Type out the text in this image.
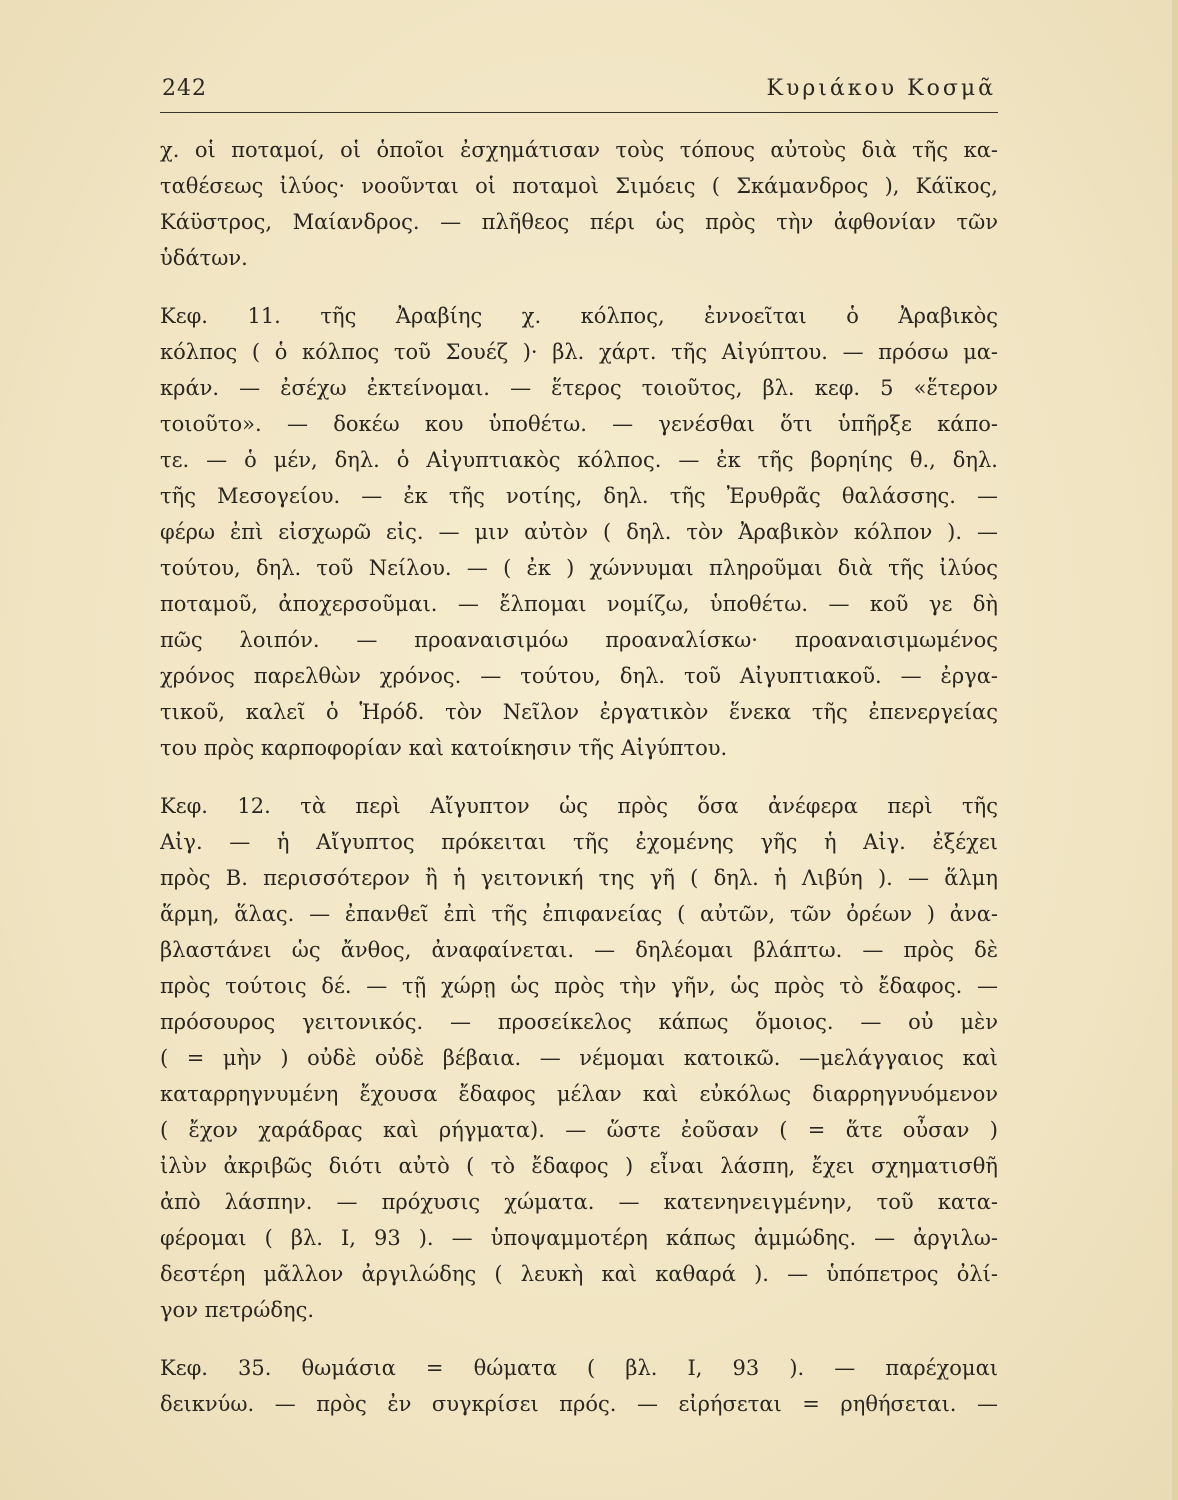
242	Κυριάκου Κοσμᾶ
χ. οἱ ποταμοί, οἱ ὁποῖοι ἐσχημάτισαν τοὺς τόπους αὐτοὺς διὰ τῆς κα-
ταθέσεως ἰλύος· νοοῦνται οἱ ποταμοὶ Σιμόεις ( Σκάμανδρος ), Κάϊκος,
Κάϋστρος, Μαίανδρος. — πλῆθεος πέρι ὡς πρὸς τὴν ἀφθονίαν τῶν
ὑδάτων.
Κεφ. 11. τῆς Ἀραβίης χ. κόλπος, ἐννοεῖται ὁ Ἀραβικὸς
κόλπος ( ὁ κόλπος τοῦ Σουέζ )· βλ. χάρτ. τῆς Αἰγύπτου. — πρόσω μα-
κράν. — ἐσέχω ἐκτείνομαι. — ἕτερος τοιοῦτος, βλ. κεφ. 5 «ἕτερον
τοιοῦτο». — δοκέω κου ὑποθέτω. — γενέσθαι ὅτι ὑπῆρξε κάπο-
τε. — ὁ μέν, δηλ. ὁ Αἰγυπτιακὸς κόλπος. — ἐκ τῆς βορηίης θ., δηλ.
τῆς Μεσογείου. — ἐκ τῆς νοτίης, δηλ. τῆς Ἐρυθρᾶς θαλάσσης. —
φέρω ἐπὶ εἰσχωρῶ εἰς. — μιν αὐτὸν ( δηλ. τὸν Ἀραβικὸν κόλπον ). —
τούτου, δηλ. τοῦ Νείλου. — ( ἐκ ) χώννυμαι πληροῦμαι διὰ τῆς ἰλύος
ποταμοῦ, ἀποχερσοῦμαι. — ἔλπομαι νομίζω, ὑποθέτω. — κοῦ γε δὴ
πῶς λοιπόν. — προαναισιμόω προαναλίσκω· προαναισιμωμένος
χρόνος παρελθὼν χρόνος. — τούτου, δηλ. τοῦ Αἰγυπτιακοῦ. — ἐργα-
τικοῦ, καλεῖ ὁ Ἡρόδ. τὸν Νεῖλον ἐργατικὸν ἕνεκα τῆς ἐπενεργείας
του πρὸς καρποφορίαν καὶ κατοίκησιν τῆς Αἰγύπτου.
Κεφ. 12. τὰ περὶ Αἴγυπτον ὡς πρὸς ὅσα ἀνέφερα περὶ τῆς
Αἰγ. — ἡ Αἴγυπτος πρόκειται τῆς ἐχομένης γῆς ἡ Αἰγ. ἐξέχει
πρὸς Β. περισσότερον ἢ ἡ γειτονική της γῆ ( δηλ. ἡ Λιβύη ). — ἅλμη
ἅρμη, ἅλας. — ἐπανθεῖ ἐπὶ τῆς ἐπιφανείας ( αὐτῶν, τῶν ὀρέων ) ἀνα-
βλαστάνει ὡς ἄνθος, ἀναφαίνεται. — δηλέομαι βλάπτω. — πρὸς δὲ
πρὸς τούτοις δέ. — τῇ χώρῃ ὡς πρὸς τὴν γῆν, ὡς πρὸς τὸ ἔδαφος. —
πρόσουρος γειτονικός. — προσείκελος κάπως ὅμοιος. — οὐ μὲν
( = μὴν ) οὐδὲ οὐδὲ βέβαια. — νέμομαι κατοικῶ. —μελάγγαιος καὶ
καταρρηγνυμένη ἔχουσα ἔδαφος μέλαν καὶ εὐκόλως διαρρηγνυόμενον
( ἔχον χαράδρας καὶ ρήγματα). — ὥστε ἐοῦσαν ( = ἅτε οὖσαν )
ἰλὺν ἀκριβῶς διότι αὐτὸ ( τὸ ἔδαφος ) εἶναι λάσπη, ἔχει σχηματισθῆ
ἀπὸ λάσπην. — πρόχυσις χώματα. — κατενηνειγμένην, τοῦ κατα-
φέρομαι ( βλ. I, 93 ). — ὑποψαμμοτέρη κάπως ἀμμώδης. — ἀργιλω-
δεστέρη μᾶλλον ἀργιλώδης ( λευκὴ καὶ καθαρά ). — ὑπόπετρος ὀλί-
γον πετρώδης.
Κεφ. 35. θωμάσια = θώματα ( βλ. I, 93 ). — παρέχομαι
δεικνύω. — πρὸς ἐν συγκρίσει πρός. — εἰρήσεται = ρηθήσεται. —
